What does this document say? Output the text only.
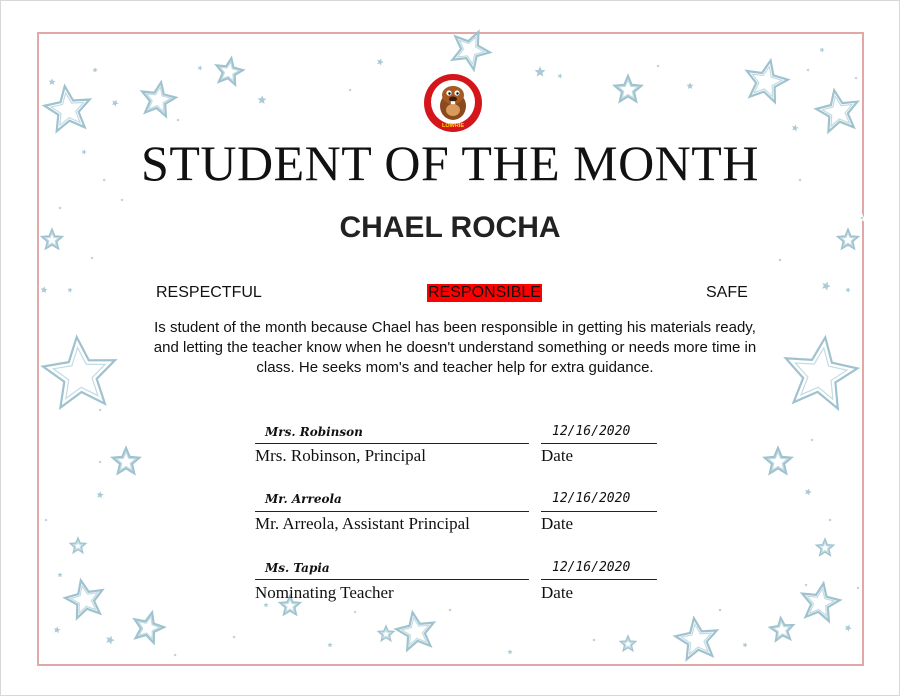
LOWRIE
STUDENT OF THE MONTH
CHAEL ROCHA
RESPECTFUL	RESPONSIBLE	SAFE
Is student of the month because Chael has been responsible in getting his materials ready, and letting the teacher know when he doesn't understand something or needs more time in class. He seeks mom's and teacher help for extra guidance.
Mrs. Robinson	12/16/2020
Mrs. Robinson, Principal	Date
Mr. Arreola	12/16/2020
Mr. Arreola, Assistant Principal	Date
Ms. Tapia	12/16/2020
Nominating Teacher	Date
